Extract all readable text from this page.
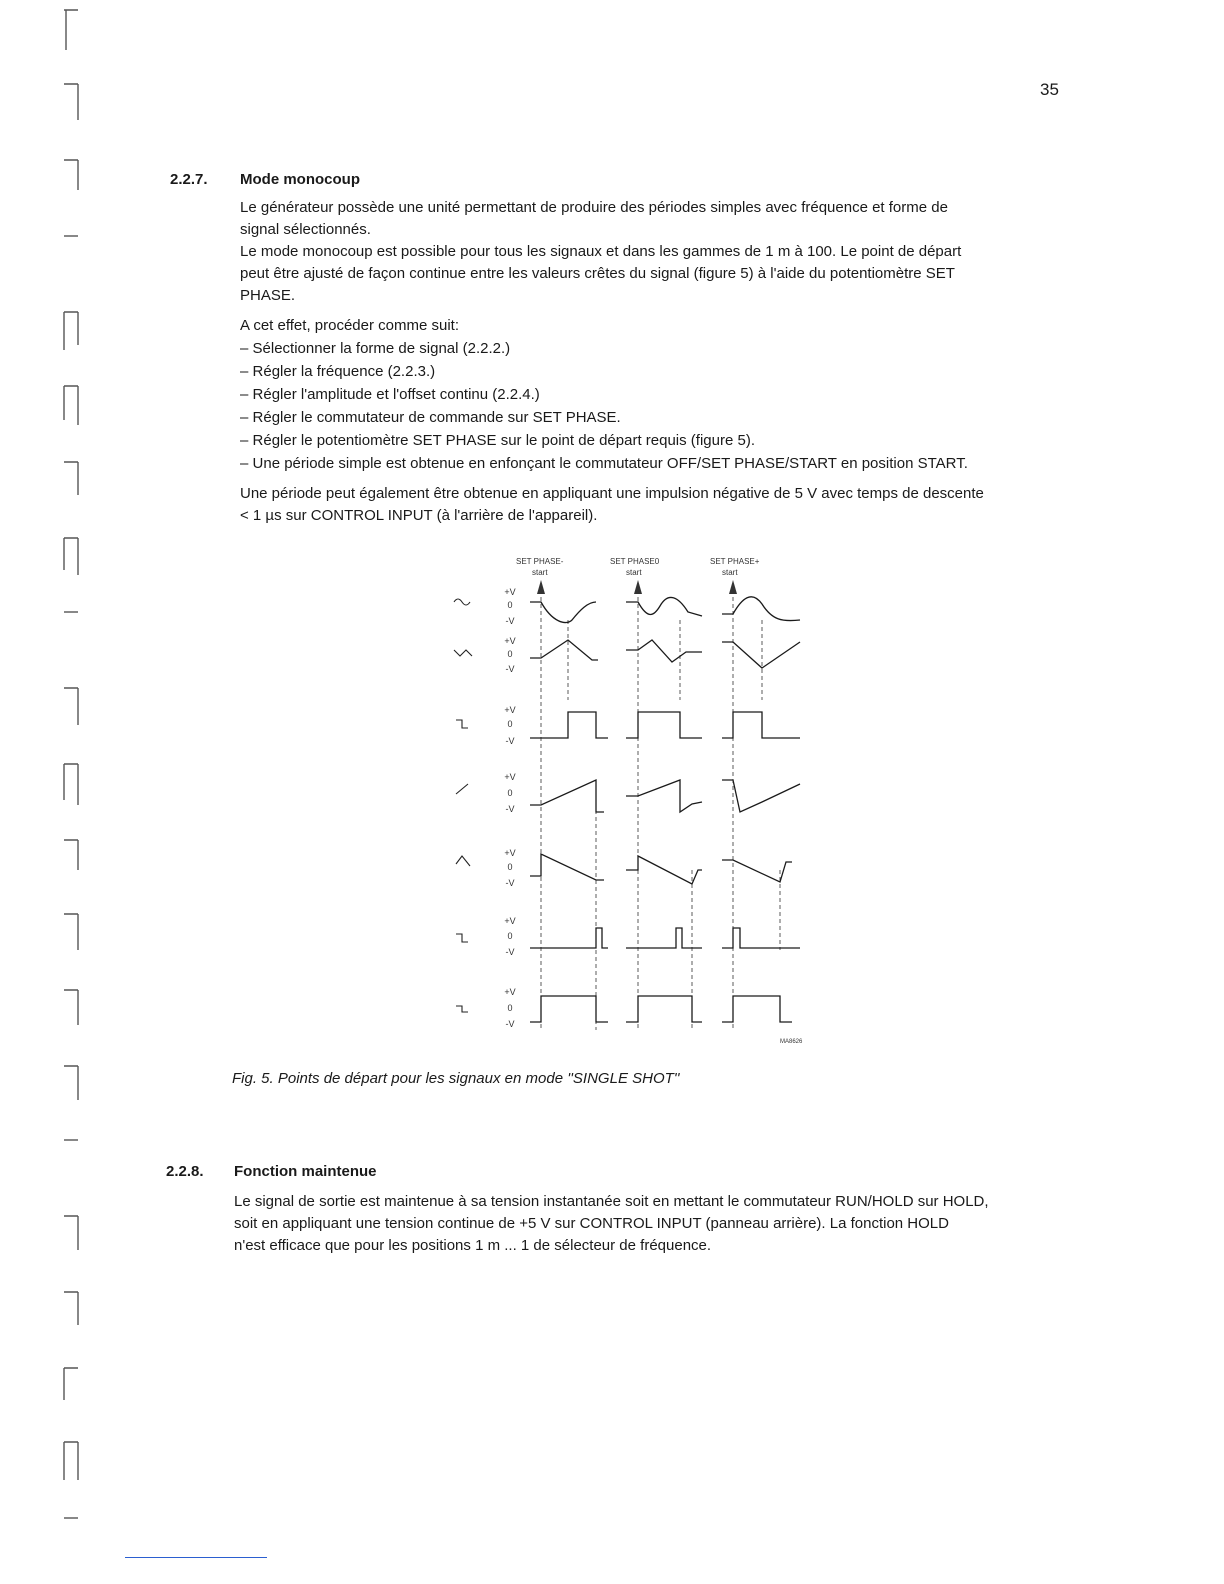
35
2.2.7. Mode monocoup

Le générateur possède une unité permettant de produire des périodes simples avec fréquence et forme de

signal sélectionnés.

Le mode monocoup est possible pour tous les signaux et dans les gammes de 1 m à 100. Le point de départ

peut être ajusté de façon continue entre les valeurs crêtes du signal (figure 5) à l'aide du potentiomètre SET

PHASE.

A cet effet, procéder comme suit:

– Sélectionner la forme de signal (2.2.2.)
– Régler la fréquence (2.2.3.)
– Régler l'amplitude et l'offset continu (2.2.4.)
– Régler le commutateur de commande sur SET PHASE.
– Régler le potentiomètre SET PHASE sur le point de départ requis (figure 5).
– Une période simple est obtenue en enfonçant le commutateur OFF/SET PHASE/START en position START.

Une période peut également être obtenue en appliquant une impulsion négative de 5 V avec temps de descente

< 1 µs sur CONTROL INPUT (à l'arrière de l'appareil).

SET PHASE-
start
SET PHASE0
start
SET PHASE+
start
MA8626
+V
0
-V
+V
0
-V
+V
0
-V
+V
0
-V
+V
0
-V
+V
0
-V
+V
0
-V
Fig. 5. Points de départ pour les signaux en mode ''SINGLE SHOT''
2.2.8. Fonction maintenue

Le signal de sortie est maintenue à sa tension instantanée soit en mettant le commutateur RUN/HOLD sur HOLD,

soit en appliquant une tension continue de +5 V sur CONTROL INPUT (panneau arrière). La fonction HOLD

n'est efficace que pour les positions 1 m ... 1 de sélecteur de fréquence.
